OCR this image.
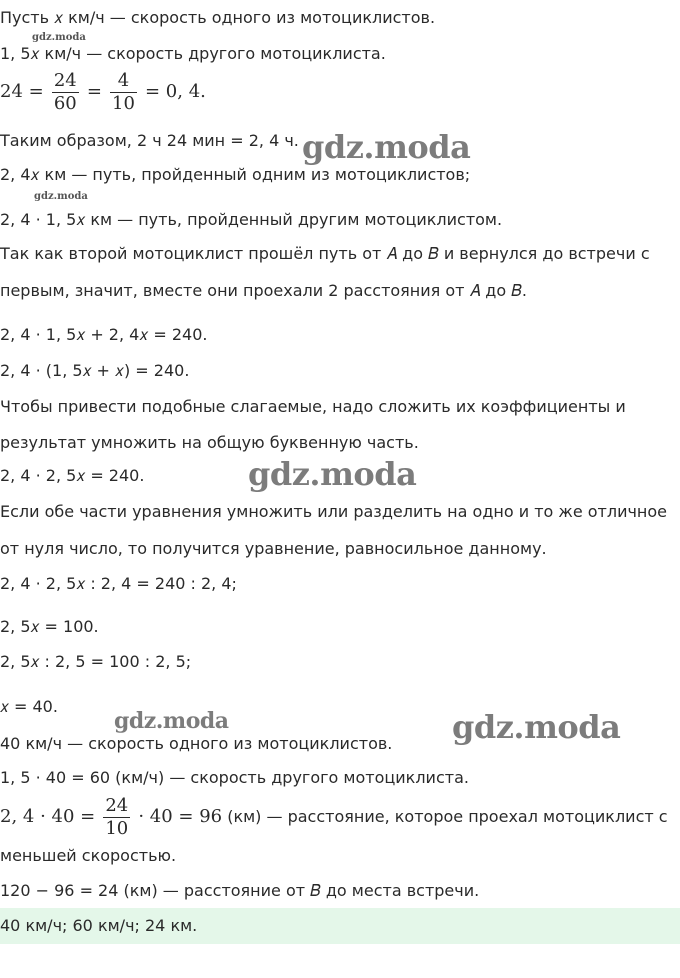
gdz.moda
gdz.moda
Пусть 𝑥 км/ч — скорость одного из мотоциклистов.
1, 5𝑥 км/ч — скорость другого мотоциклиста.
$24 = \frac{24}{60} = \frac{4}{10} = 0$, 4.
Таким образом, 2 ч 24 мин = 2, 4 ч.
2, 4𝑥 км — путь, пройденный одним из мотоциклистов;
2, 4 · 1, 5𝑥 км — путь, пройденный другим мотоциклистом.
Так как второй мотоциклист прошёл путь от 𝐴 до 𝐵 и вернулся до встречи с
первым, значит, вместе они проехали 2 расстояния от 𝐴 до 𝐵.
2, 4 · 1, 5𝑥 + 2, 4𝑥 = 240.
2, 4 · (1, 5𝑥 + 𝑥) = 240.
Чтобы привести подобные слагаемые, надо сложить их коэффициенты и
результат умножить на общую буквенную часть.
2, 4 · 2, 5𝑥 = 240.
Если обе части уравнения умножить или разделить на одно и то же отличное
от нуля число, то получится уравнение, равносильное данному.
2, 4 · 2, 5𝑥 : 2, 4 = 240 : 2, 4;
2, 5𝑥 = 100.
2, 5𝑥 : 2, 5 = 100 : 2, 5;
𝑥 = 40.
40 км/ч — скорость одного из мотоциклистов.
1, 5 · 40 = 60 (км/ч) — скорость другого мотоциклиста.
2, $4 \cdot 40 = \frac{24}{10} \cdot 40 = 96$ (км) — расстояние, которое проехал мотоциклист с
меньшей скоростью.
120 − 96 = 24 (км) — расстояние от 𝐵 до места встречи.
40 км/ч; 60 км/ч; 24 км.
gdz.moda
gdz.moda
gdz.moda	gdz.moda
